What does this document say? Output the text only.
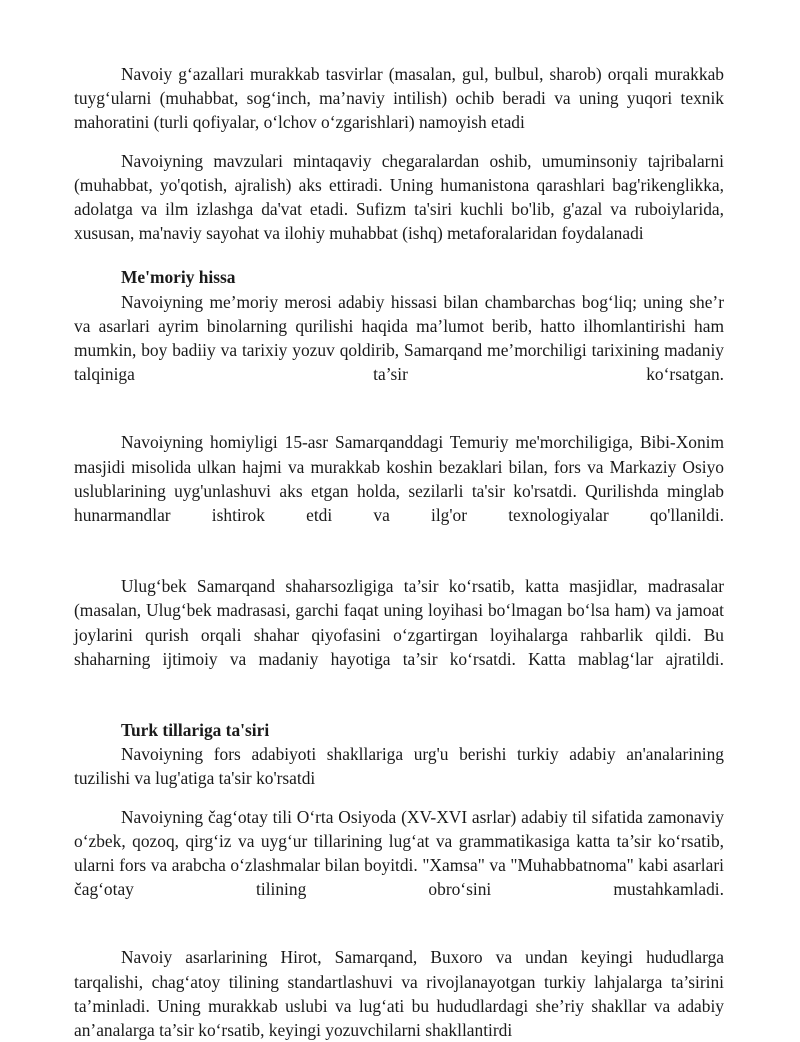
Navoiy g‘azallari murakkab tasvirlar (masalan, gul, bulbul, sharob) orqali murakkab tuyg‘ularni (muhabbat, sog‘inch, ma’naviy intilish) ochib beradi va uning yuqori texnik mahoratini (turli qofiyalar, o‘lchov o‘zgarishlari) namoyish etadi

Navoiyning mavzulari mintaqaviy chegaralardan oshib, umuminsoniy tajribalarni (muhabbat, yo'qotish, ajralish) aks ettiradi. Uning humanistona qarashlari bag'rikenglikka, adolatga va ilm izlashga da'vat etadi. Sufizm ta'siri kuchli bo'lib, g'azal va ruboiylarida, xususan, ma'naviy sayohat va ilohiy muhabbat (ishq) metaforalaridan foydalanadi

Me'moriy hissa

Navoiyning me’moriy merosi adabiy hissasi bilan chambarchas bog‘liq; uning she’r va asarlari ayrim binolarning qurilishi haqida ma’lumot berib, hatto ilhomlantirishi ham mumkin, boy badiiy va tarixiy yozuv qoldirib, Samarqand me’morchiligi tarixining madaniy talqiniga ta’sir ko‘rsatgan.

Navoiyning homiyligi 15-asr Samarqanddagi Temuriy me'morchiligiga, Bibi-Xonim masjidi misolida ulkan hajmi va murakkab koshin bezaklari bilan, fors va Markaziy Osiyo uslublarining uyg'unlashuvi aks etgan holda, sezilarli ta'sir ko'rsatdi. Qurilishda minglab hunarmandlar ishtirok etdi va ilg'or texnologiyalar qo'llanildi.

Ulug‘bek Samarqand shaharsozligiga ta’sir ko‘rsatib, katta masjidlar, madrasalar (masalan, Ulug‘bek madrasasi, garchi faqat uning loyihasi bo‘lmagan bo‘lsa ham) va jamoat joylarini qurish orqali shahar qiyofasini o‘zgartirgan loyihalarga rahbarlik qildi. Bu shaharning ijtimoiy va madaniy hayotiga ta’sir ko‘rsatdi. Katta mablag‘lar ajratildi.

Turk tillariga ta'siri

Navoiyning fors adabiyoti shakllariga urg'u berishi turkiy adabiy an'analarining tuzilishi va lug'atiga ta'sir ko'rsatdi

Navoiyning čag‘otay tili O‘rta Osiyoda (XV-XVI asrlar) adabiy til sifatida zamonaviy o‘zbek, qozoq, qirg‘iz va uyg‘ur tillarining lug‘at va grammatikasiga katta ta’sir ko‘rsatib, ularni fors va arabcha o‘zlashmalar bilan boyitdi. "Xamsa" va "Muhabbatnoma" kabi asarlari čag‘otay tilining obro‘sini mustahkamladi.

Navoiy asarlarining Hirot, Samarqand, Buxoro va undan keyingi hududlarga tarqalishi, chag‘atoy tilining standartlashuvi va rivojlanayotgan turkiy lahjalarga ta’sirini ta’minladi. Uning murakkab uslubi va lug‘ati bu hududlardagi she’riy shakllar va adabiy an’analarga ta’sir ko‘rsatib, keyingi yozuvchilarni shakllantirdi
